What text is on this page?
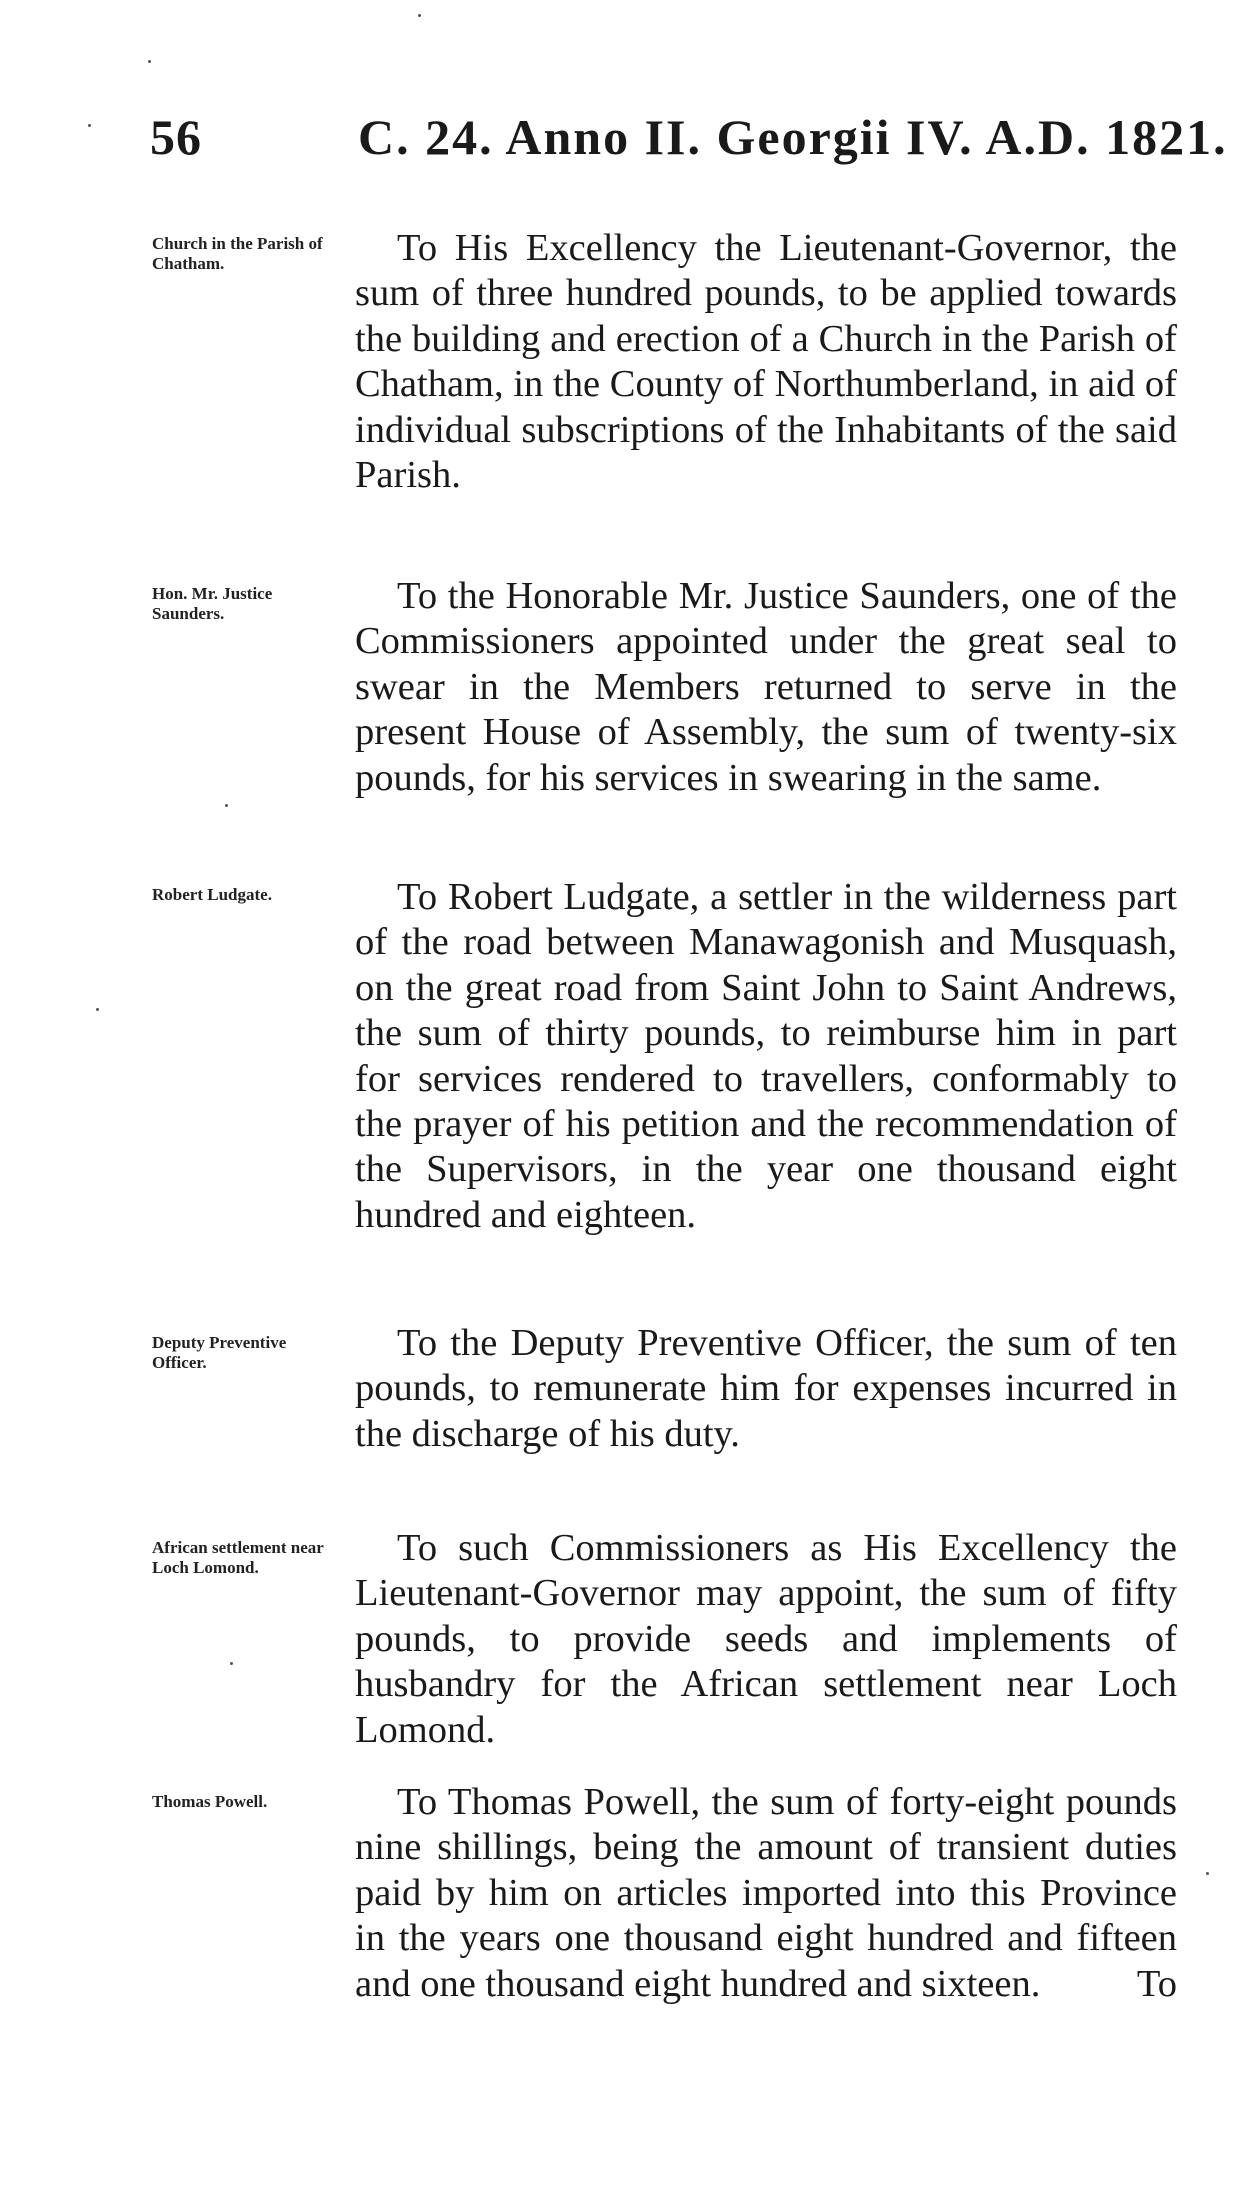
56	C. 24. Anno II. Georgii IV. A.D. 1821.
Church in the Parish of Chatham.	To His Excellency the Lieutenant-Governor, the sum of three hundred pounds, to be applied towards the building and erection of a Church in the Parish of Chatham, in the County of Northumberland, in aid of individual subscriptions of the Inhabitants of the said Parish.
Hon. Mr. Justice Saunders.	To the Honorable Mr. Justice Saunders, one of the Commissioners appointed under the great seal to swear in the Members returned to serve in the present House of Assembly, the sum of twenty-six pounds, for his services in swearing in the same.
Robert Ludgate.	To Robert Ludgate, a settler in the wilderness part of the road between Manawagonish and Musquash, on the great road from Saint John to Saint Andrews, the sum of thirty pounds, to reimburse him in part for services rendered to travellers, conformably to the prayer of his petition and the recommendation of the Supervisors, in the year one thousand eight hundred and eighteen.
Deputy Preventive Officer.	To the Deputy Preventive Officer, the sum of ten pounds, to remunerate him for expenses incurred in the discharge of his duty.
African settlement near Loch Lomond.	To such Commissioners as His Excellency the Lieutenant-Governor may appoint, the sum of fifty pounds, to provide seeds and implements of husbandry for the African settlement near Loch Lomond.
Thomas Powell.	To Thomas Powell, the sum of forty-eight pounds nine shillings, being the amount of transient duties paid by him on articles imported into this Province in the years one thousand eight hundred and fifteen and one thousand eight hundred and sixteen.	To
